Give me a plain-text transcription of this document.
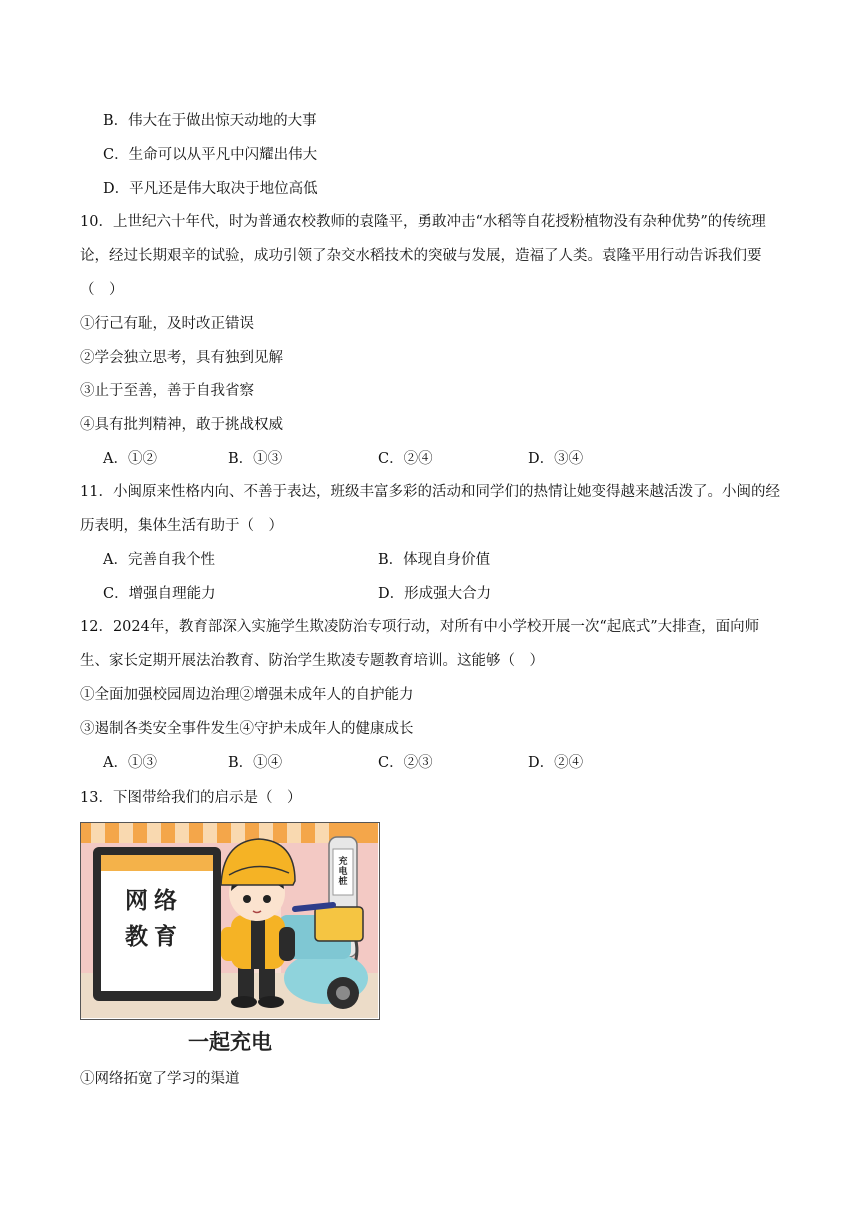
B．伟大在于做出惊天动地的大事
C．生命可以从平凡中闪耀出伟大
D．平凡还是伟大取决于地位高低
10．上世纪六十年代，时为普通农校教师的袁隆平，勇敢冲击“水稻等自花授粉植物没有杂种优势”的传统理论，经过长期艰辛的试验，成功引领了杂交水稻技术的突破与发展，造福了人类。袁隆平用行动告诉我们要（　）
①行己有耻，及时改正错误
②学会独立思考，具有独到见解
③止于至善，善于自我省察
④具有批判精神，敢于挑战权威
A．①②	B．①③	C．②④	D．③④
11．小闽原来性格内向、不善于表达，班级丰富多彩的活动和同学们的热情让她变得越来越活泼了。小闽的经历表明，集体生活有助于（　）
A．完善自我个性	B．体现自身价值
C．增强自理能力	D．形成强大合力
12．2024年，教育部深入实施学生欺凌防治专项行动，对所有中小学校开展一次“起底式”大排查，面向师生、家长定期开展法治教育、防治学生欺凌专题教育培训。这能够（　）
①全面加强校园周边治理②增强未成年人的自护能力
③遏制各类安全事件发生④守护未成年人的健康成长
A．①③	B．①④	C．②③	D．②④
13．下图带给我们的启示是（　）
网络教育
充电桩
一起充电
①网络拓宽了学习的渠道
